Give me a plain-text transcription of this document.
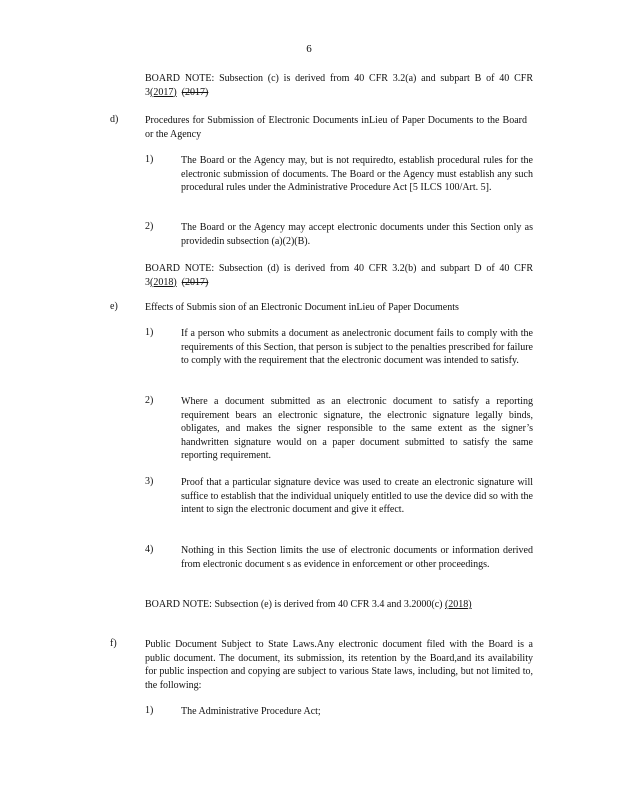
6
BOARD NOTE: Subsection (c) is derived from 40 CFR 3.2(a) and subpart B of 40 CFR 3(2017) (2017)
d)	Procedures for Submission of Electronic Documents inLieu of Paper Documents to the Board or the Agency
1)	The Board or the Agency may, but is not requiredto, establish procedural rules for the electronic submission of documents. The Board or the Agency must establish any such procedural rules under the Administrative Procedure Act [5 ILCS 100/Art. 5].
2)	The Board or the Agency may accept electronic documents under this Section only as providedin subsection (a)(2)(B).
BOARD NOTE: Subsection (d) is derived from 40 CFR 3.2(b) and subpart D of 40 CFR 3(2018) (2017)
e)	Effects of Submis sion of an Electronic Document inLieu of Paper Documents
1)	If a person who submits a document as anelectronic document fails to comply with the requirements of this Section, that person is subject to the penalties prescribed for failure to comply with the requirement that the electronic document was intended to satisfy.
2)	Where a document submitted as an electronic document to satisfy a reporting requirement bears an electronic signature, the electronic signature legally binds, obligates, and makes the signer responsible to the same extent as the signer’s handwritten signature would on a paper document submitted to satisfy the same reporting requirement.
3)	Proof that a particular signature device was used to create an electronic signature will suffice to establish that the individual uniquely entitled to use the device did so with the intent to sign the electronic document and give it effect.
4)	Nothing in this Section limits the use of electronic documents or information derived from electronic document s as evidence in enforcement or other proceedings.
BOARD NOTE: Subsection (e) is derived from 40 CFR 3.4 and 3.2000(c) (2018)
f)	Public Document Subject to State Laws.Any electronic document filed with the Board is a public document. The document, its submission, its retention by the Board,and its availability for public inspection and copying are subject to various State laws, including, but not limited to, the following:
1)	The Administrative Procedure Act;
